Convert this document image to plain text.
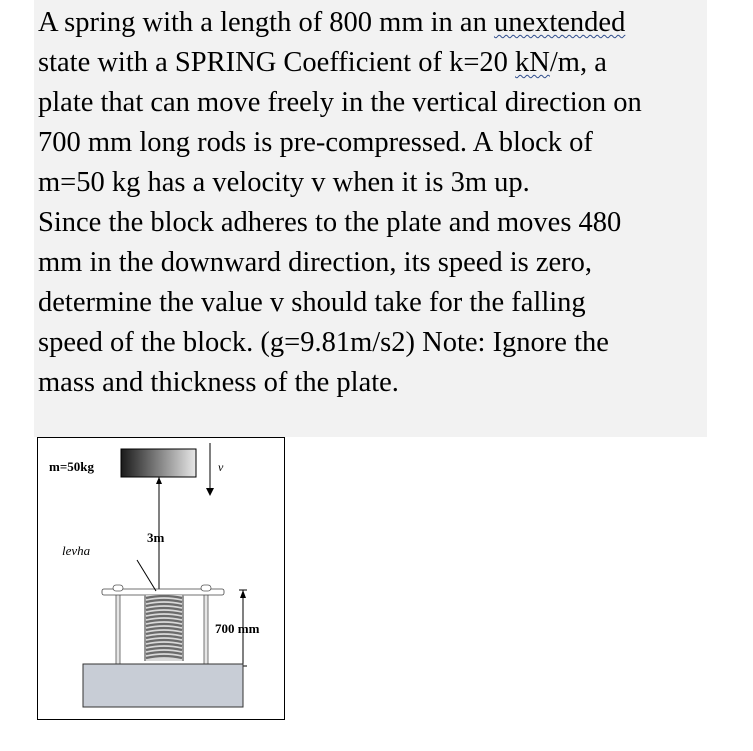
A spring with a length of 800 mm in an unextended
state with a SPRING Coefficient of k=20 kN/m, a
plate that can move freely in the vertical direction on
700 mm long rods is pre-compressed. A block of
m=50 kg has a velocity v when it is 3m up.
Since the block adheres to the plate and moves 480
mm in the downward direction, its speed is zero,
determine the value v should take for the falling
speed of the block. (g=9.81m/s2) Note: Ignore the
mass and thickness of the plate.
m=50kg	v
3m
levha
700 mm
